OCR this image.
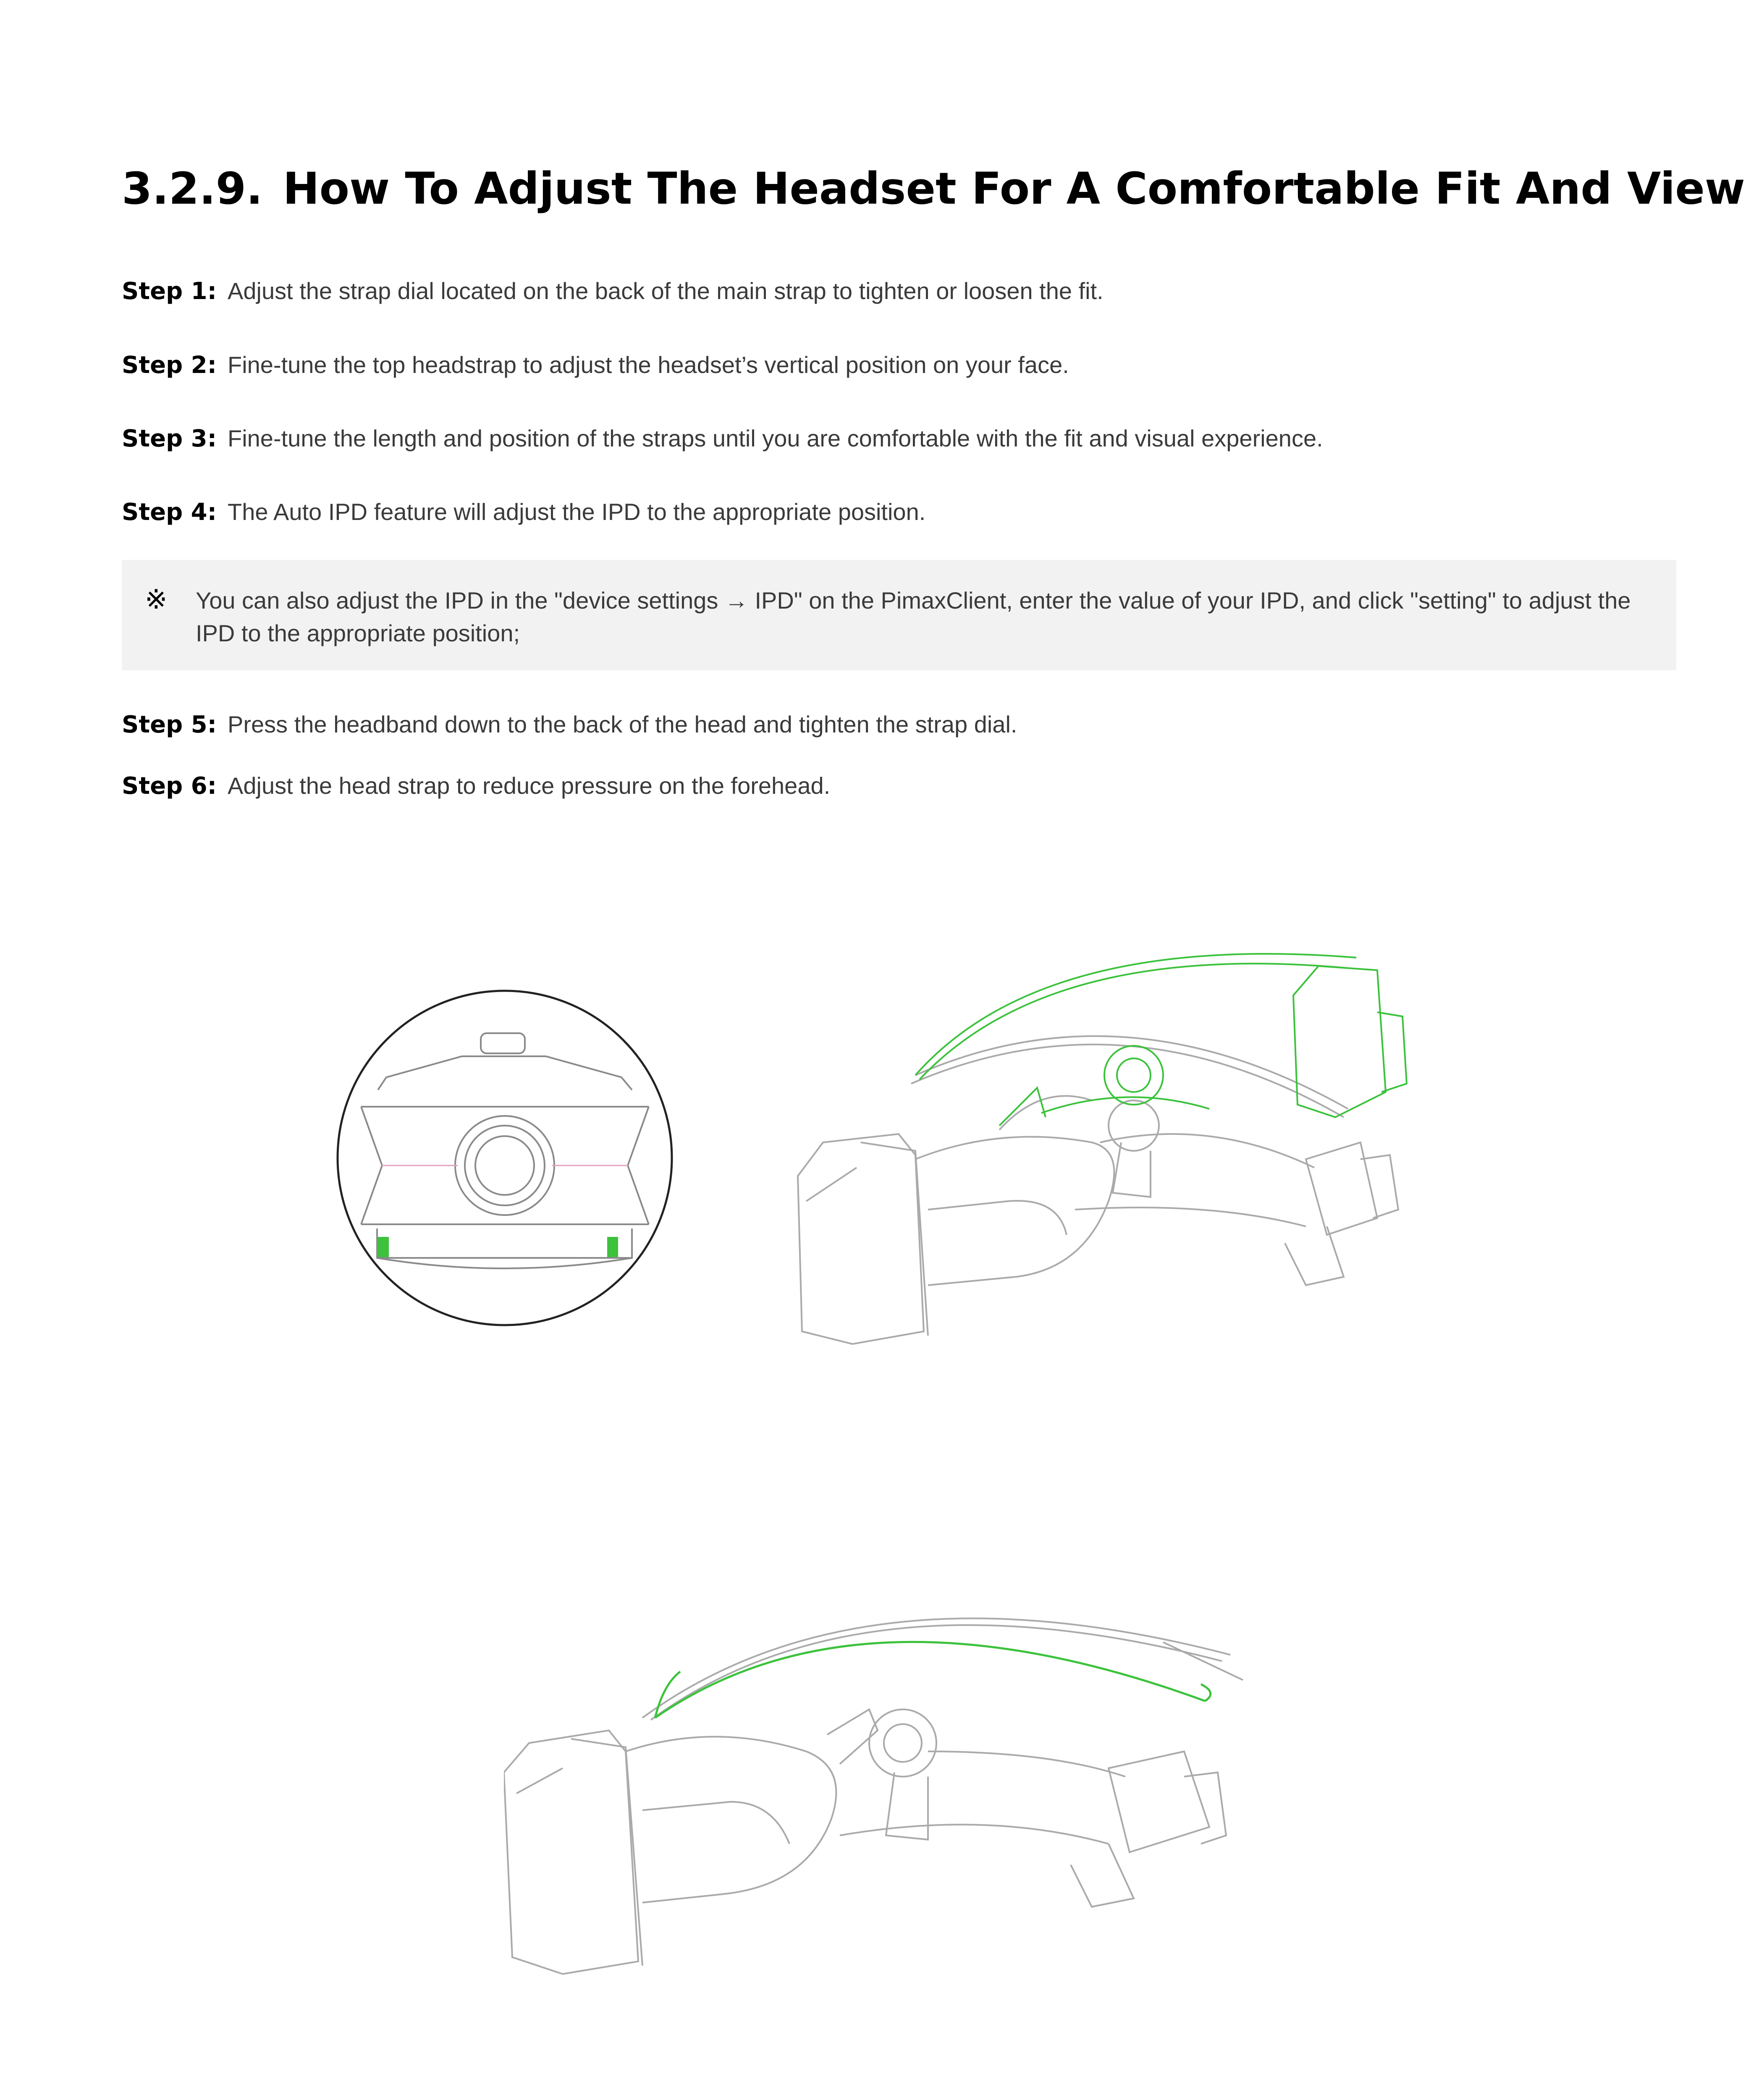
3.2.9. How To Adjust The Headset For A Comfortable Fit And View
Step 1: Adjust the strap dial located on the back of the main strap to tighten or loosen the fit.
Step 2: Fine-tune the top headstrap to adjust the headset’s vertical position on your face.
Step 3: Fine-tune the length and position of the straps until you are comfortable with the fit and visual experience.
Step 4: The Auto IPD feature will adjust the IPD to the appropriate position.
※ You can also adjust the IPD in the "device settings → IPD" on the PimaxClient, enter the value of your IPD, and click "setting" to adjust the IPD to the appropriate position;
Step 5: Press the headband down to the back of the head and tighten the strap dial.
Step 6: Adjust the head strap to reduce pressure on the forehead.
